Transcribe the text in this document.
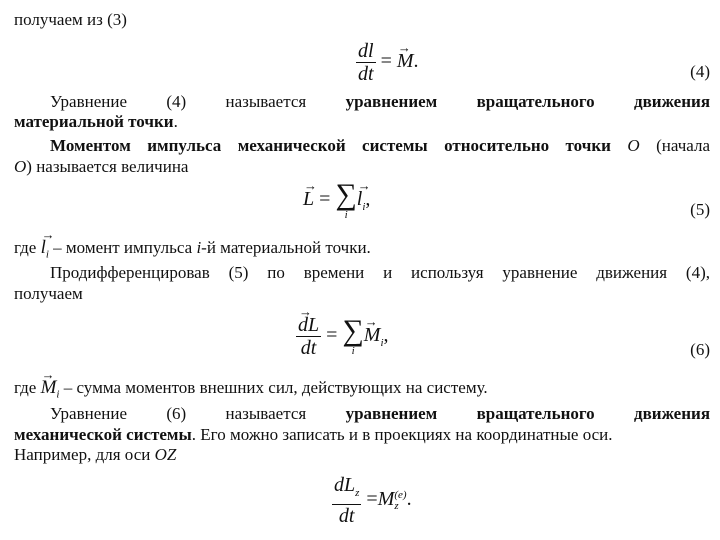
получаем из (3)
$\frac{dl}{dt}$ = → M.	(4)
Уравнение (4) называется уравнением вращательного движения
материальной точки.
Моментом импульса механической системы относительно точки O (начала
O) называется величина
→ L = ∑
i
→ $l_i$,	(5)
где → $l_i$ – момент импульса i-й материальной точки.
Продифференцировав (5) по времени и используя уравнение движения (4),
получаем
→ $\frac{dL}{dt}$ = ∑
i
→ $M_i$,
(6)
где → $M_i$ – сумма моментов внешних сил, действующих на систему.
Уравнение (6) называется уравнением вращательного движения
механической системы. Его можно записать и в проекциях на координатные оси.
Например, для оси OZ
$\frac{dL_z}{dt} =M$ (e)
z .
